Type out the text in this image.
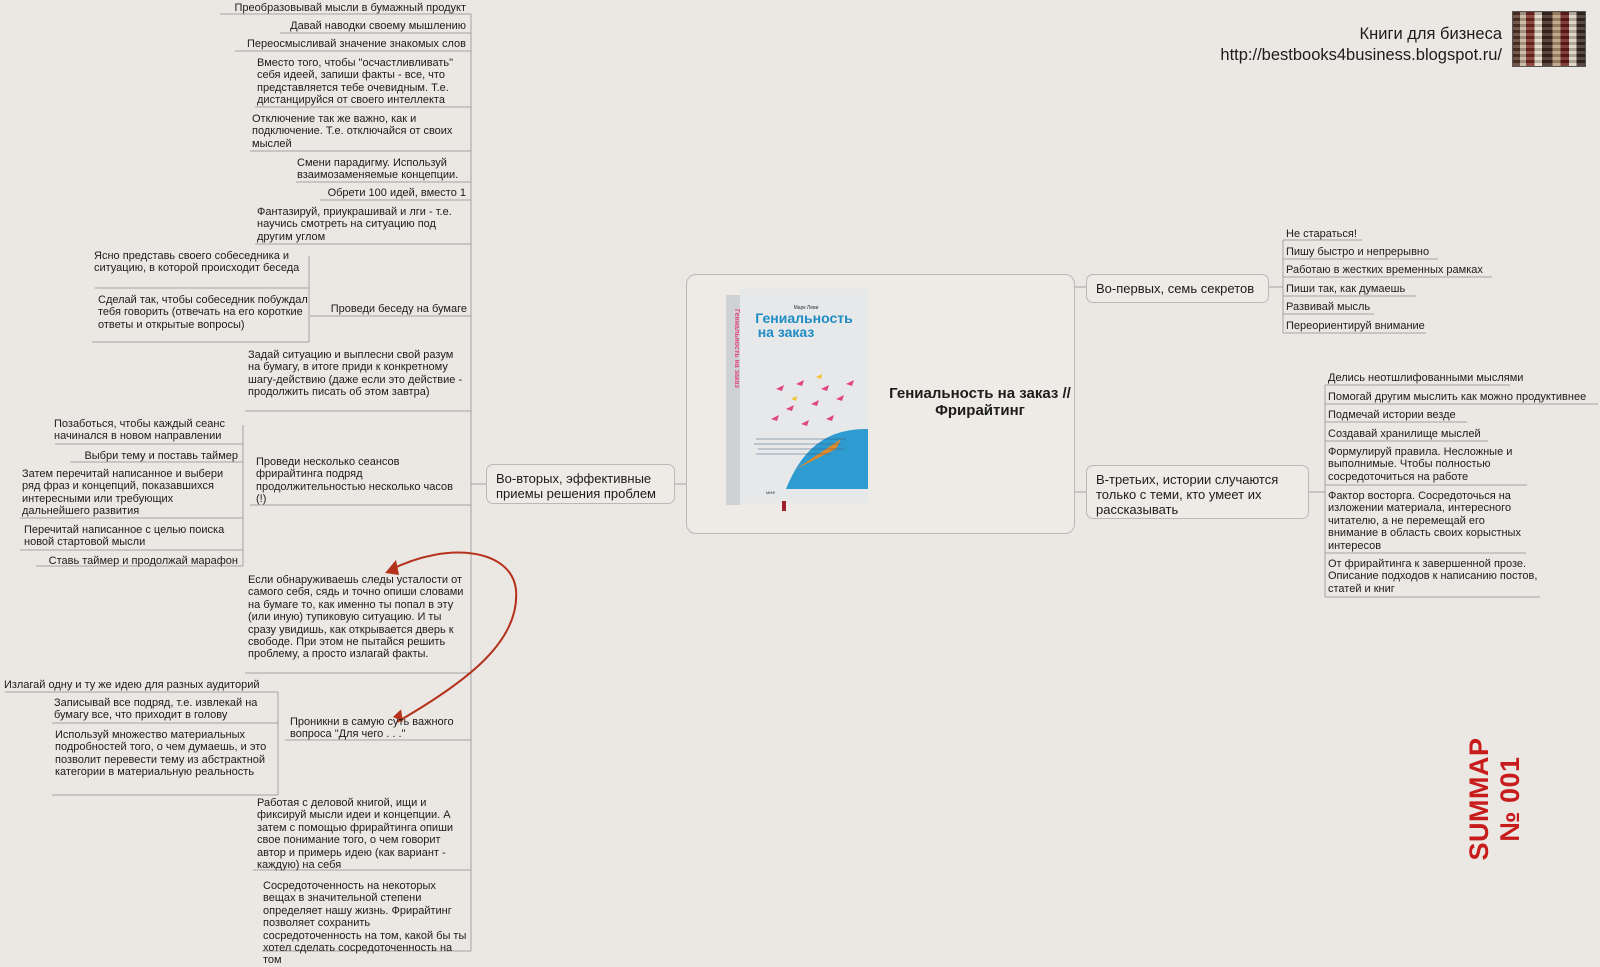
Книги для бизнеса
http://bestbooks4business.blogspot.ru/
Марк Леви
Гениальность
на заказ
Гениальность на заказ
МИФ
Гениальность на заказ // Фрирайтинг
Во-первых, семь секретов
Во-вторых, эффективные приемы решения проблем
В-третьих, истории случаются только с теми, кто умеет их рассказывать
Не стараться!
Пишу быстро и непрерывно
Работаю в жестких временных рамках
Пиши так, как думаешь
Развивай мысль
Переориентируй внимание
Делись неотшлифованными мыслями
Помогай другим мыслить как можно продуктивнее
Подмечай истории везде
Создавай хранилище мыслей
Формулируй правила. Несложные и выполнимые. Чтобы полностью сосредоточиться на работе
Фактор восторга. Сосредоточься на изложении материала, интересного читателю, а не перемещай его внимание в область своих корыстных интересов
От фрирайтинга к завершенной прозе. Описание подходов к написанию постов, статей и книг
Преобразовывай мысли в бумажный продукт
Давай наводки своему мышлению
Переосмысливай значение знакомых слов
Вместо того, чтобы "осчастливливать" себя идеей, запиши факты - все, что представляется тебе очевидным. Т.е. дистанцируйся от своего интеллекта
Отключение так же важно, как и подключение. Т.е. отключайся от своих мыслей
Смени парадигму. Используй взаимозаменяемые концепции.
Обрети 100 идей, вместо 1
Фантазируй, приукрашивай и лги - т.е. научись смотреть на ситуацию под другим углом
Проведи беседу на бумаге
Задай ситуацию и выплесни свой разум на бумагу, в итоге приди к конкретному шагу-действию (даже если это действие - продолжить писать об этом завтра)
Проведи несколько сеансов фрирайтинга подряд продолжительностью несколько часов (!)
Если обнаруживаешь следы усталости от самого себя, сядь и точно опиши словами на бумаге то, как именно ты попал в эту (или иную) тупиковую ситуацию. И ты сразу увидишь, как открывается дверь к свободе. При этом не пытайся решить проблему, а просто излагай факты.
Проникни в самую суть важного вопроса "Для чего . . ."
Работая с деловой книгой, ищи и фиксируй мысли идеи и концепции. А затем с помощью фрирайтинга опиши свое понимание того, о чем говорит автор и примерь идею (как вариант - каждую) на себя
Сосредоточенность на некоторых вещах в значительной степени определяет нашу жизнь. Фрирайтинг позволяет сохранить сосредоточенность на том, какой бы ты хотел сделать сосредоточенность на том
Ясно представь своего собеседника и ситуацию, в которой происходит беседа
Сделай так, чтобы собеседник побуждал тебя говорить (отвечать на его короткие ответы и открытые вопросы)
Позаботься, чтобы каждый сеанс начинался в новом направлении
Выбри тему и поставь таймер
Затем перечитай написанное и выбери ряд фраз и концепций, показавшихся интересными или требующих дальнейшего развития
Перечитай написанное с целью поиска новой стартовой мысли
Ставь таймер и продолжай марафон
Излагай одну и ту же идею для разных аудиторий
Записывай все подряд, т.е. извлекай на бумагу все, что приходит в голову
Используй множество материальных подробностей того, о чем думаешь, и это позволит перевести тему из абстрактной категории в материальную реальность	SUMMAP № 001
